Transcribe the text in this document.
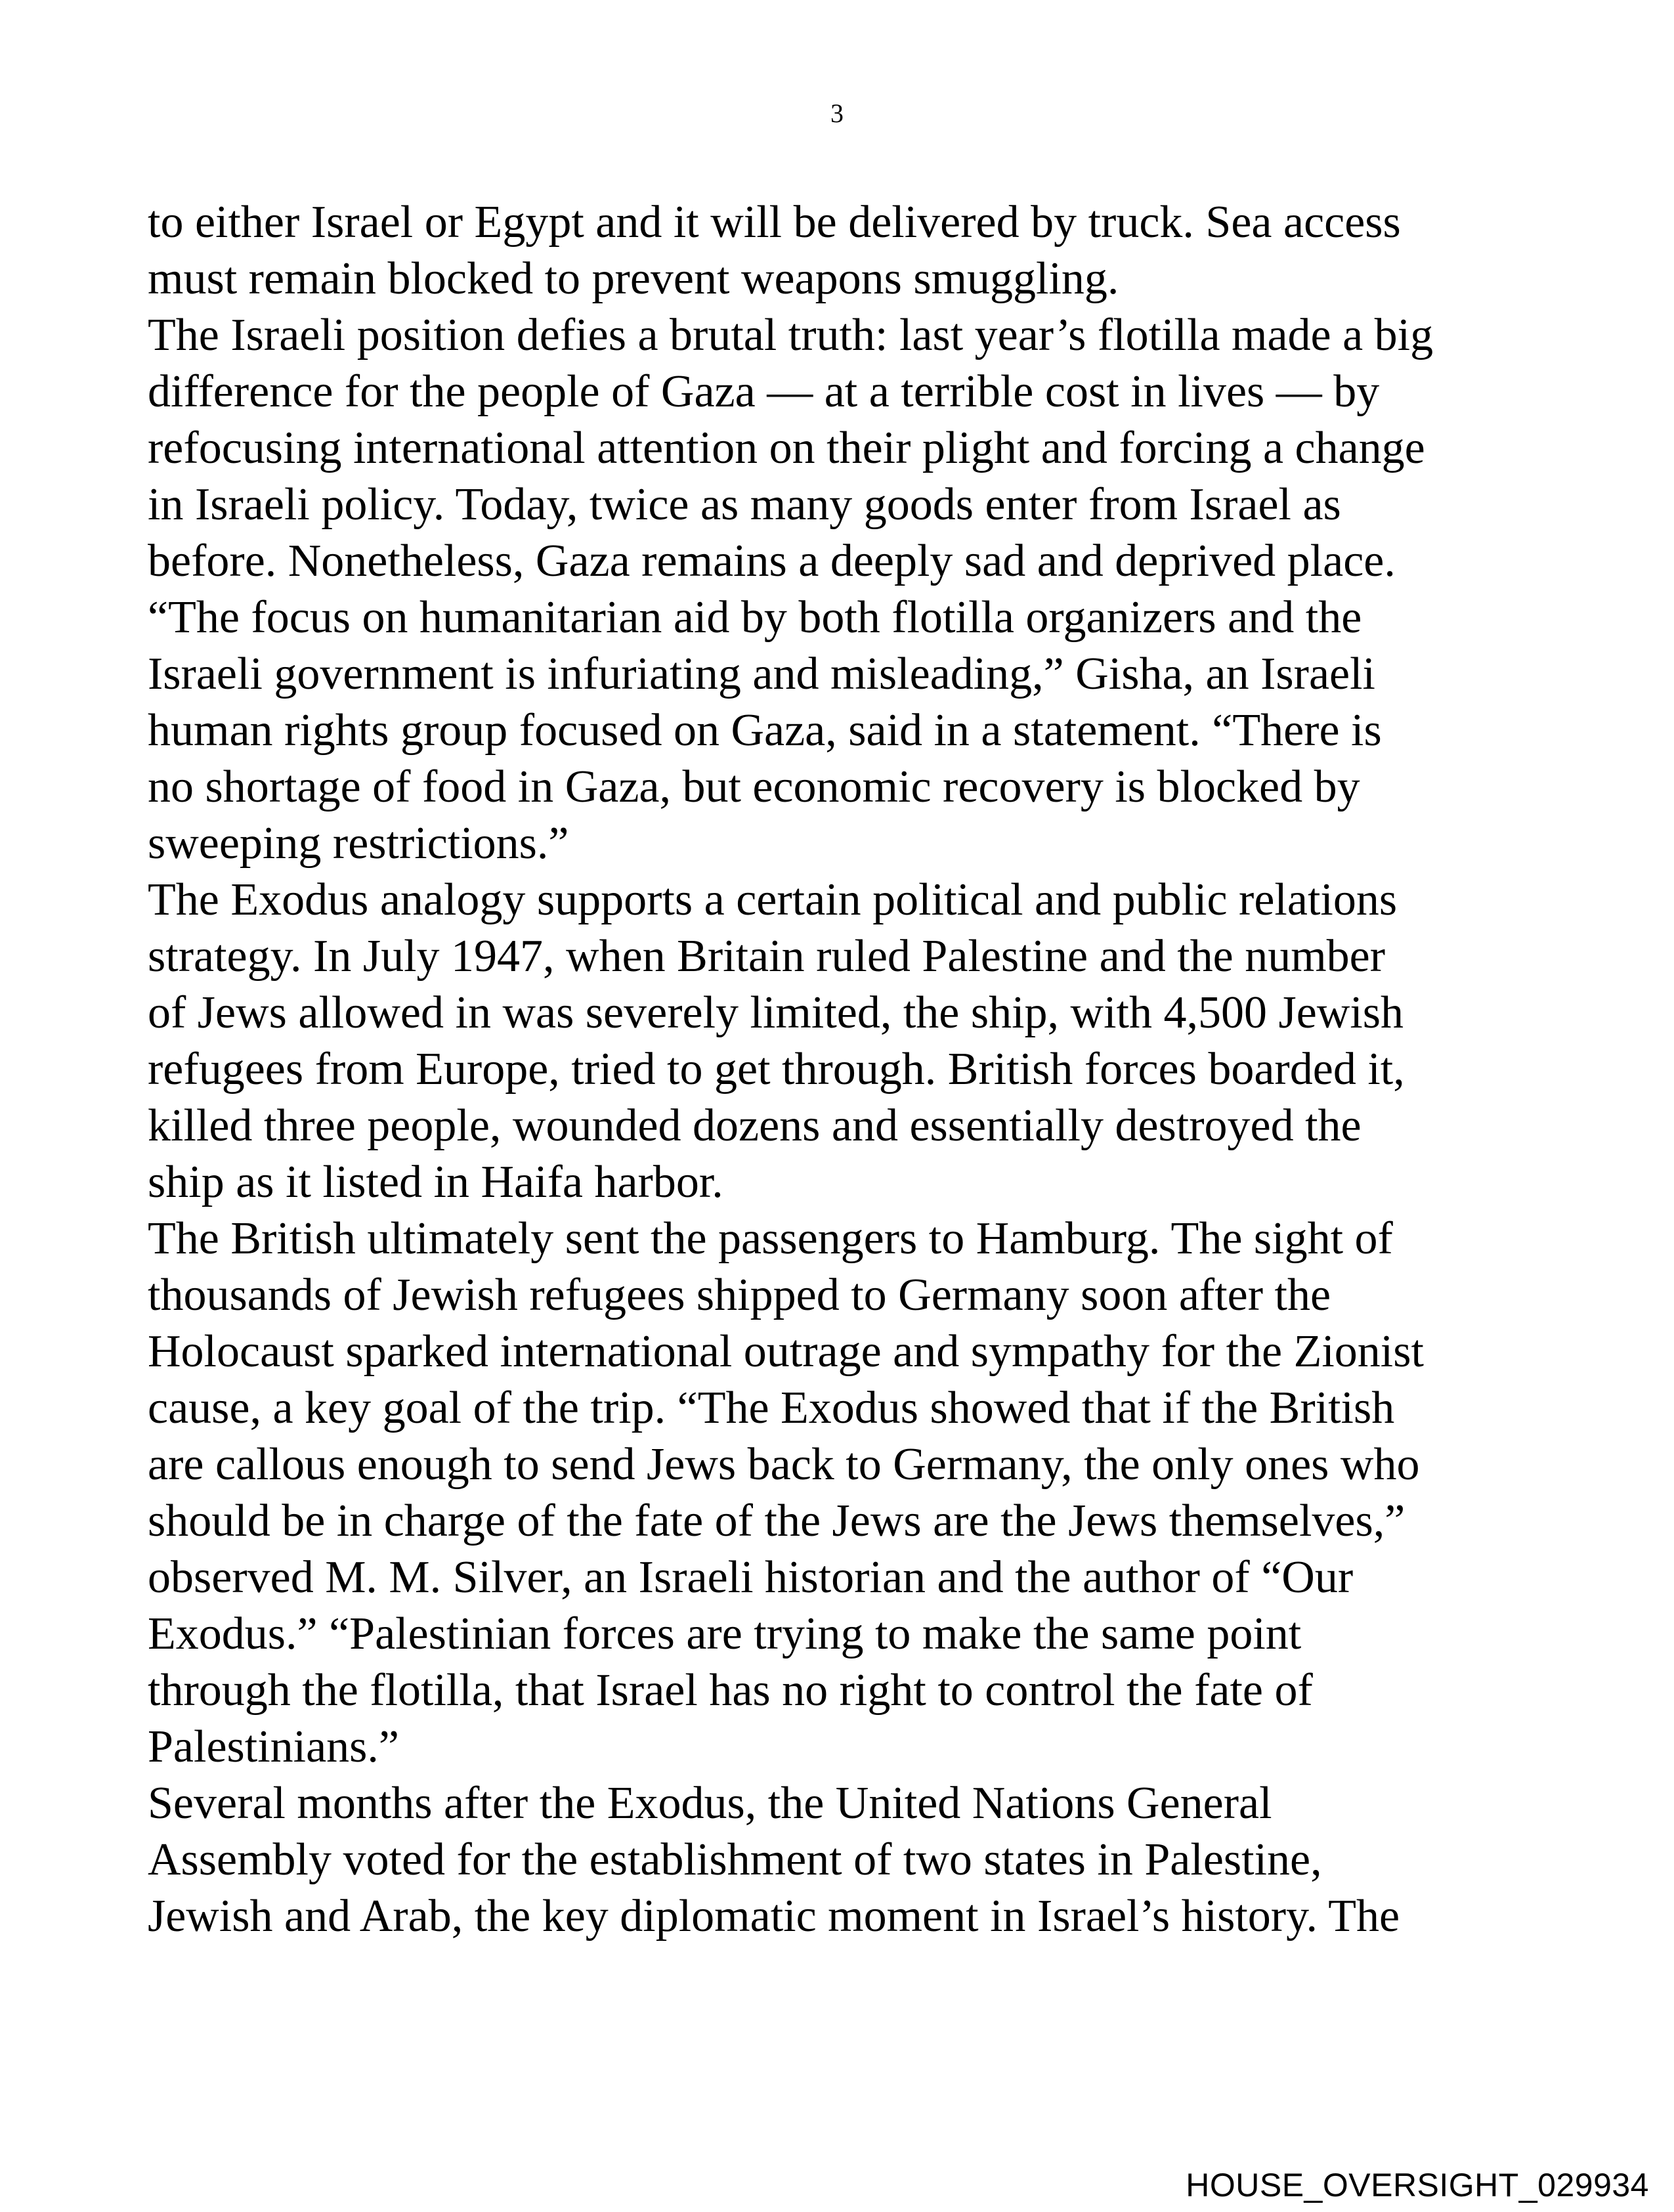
3
to either Israel or Egypt and it will be delivered by truck. Sea access
must remain blocked to prevent weapons smuggling.
The Israeli position defies a brutal truth: last year’s flotilla made a big
difference for the people of Gaza — at a terrible cost in lives — by
refocusing international attention on their plight and forcing a change
in Israeli policy. Today, twice as many goods enter from Israel as
before. Nonetheless, Gaza remains a deeply sad and deprived place.
“The focus on humanitarian aid by both flotilla organizers and the
Israeli government is infuriating and misleading,” Gisha, an Israeli
human rights group focused on Gaza, said in a statement. “There is
no shortage of food in Gaza, but economic recovery is blocked by
sweeping restrictions.”
The Exodus analogy supports a certain political and public relations
strategy. In July 1947, when Britain ruled Palestine and the number
of Jews allowed in was severely limited, the ship, with 4,500 Jewish
refugees from Europe, tried to get through. British forces boarded it,
killed three people, wounded dozens and essentially destroyed the
ship as it listed in Haifa harbor.
The British ultimately sent the passengers to Hamburg. The sight of
thousands of Jewish refugees shipped to Germany soon after the
Holocaust sparked international outrage and sympathy for the Zionist
cause, a key goal of the trip. “The Exodus showed that if the British
are callous enough to send Jews back to Germany, the only ones who
should be in charge of the fate of the Jews are the Jews themselves,”
observed M. M. Silver, an Israeli historian and the author of “Our
Exodus.” “Palestinian forces are trying to make the same point
through the flotilla, that Israel has no right to control the fate of
Palestinians.”
Several months after the Exodus, the United Nations General
Assembly voted for the establishment of two states in Palestine,
Jewish and Arab, the key diplomatic moment in Israel’s history. The
HOUSE_OVERSIGHT_029934
